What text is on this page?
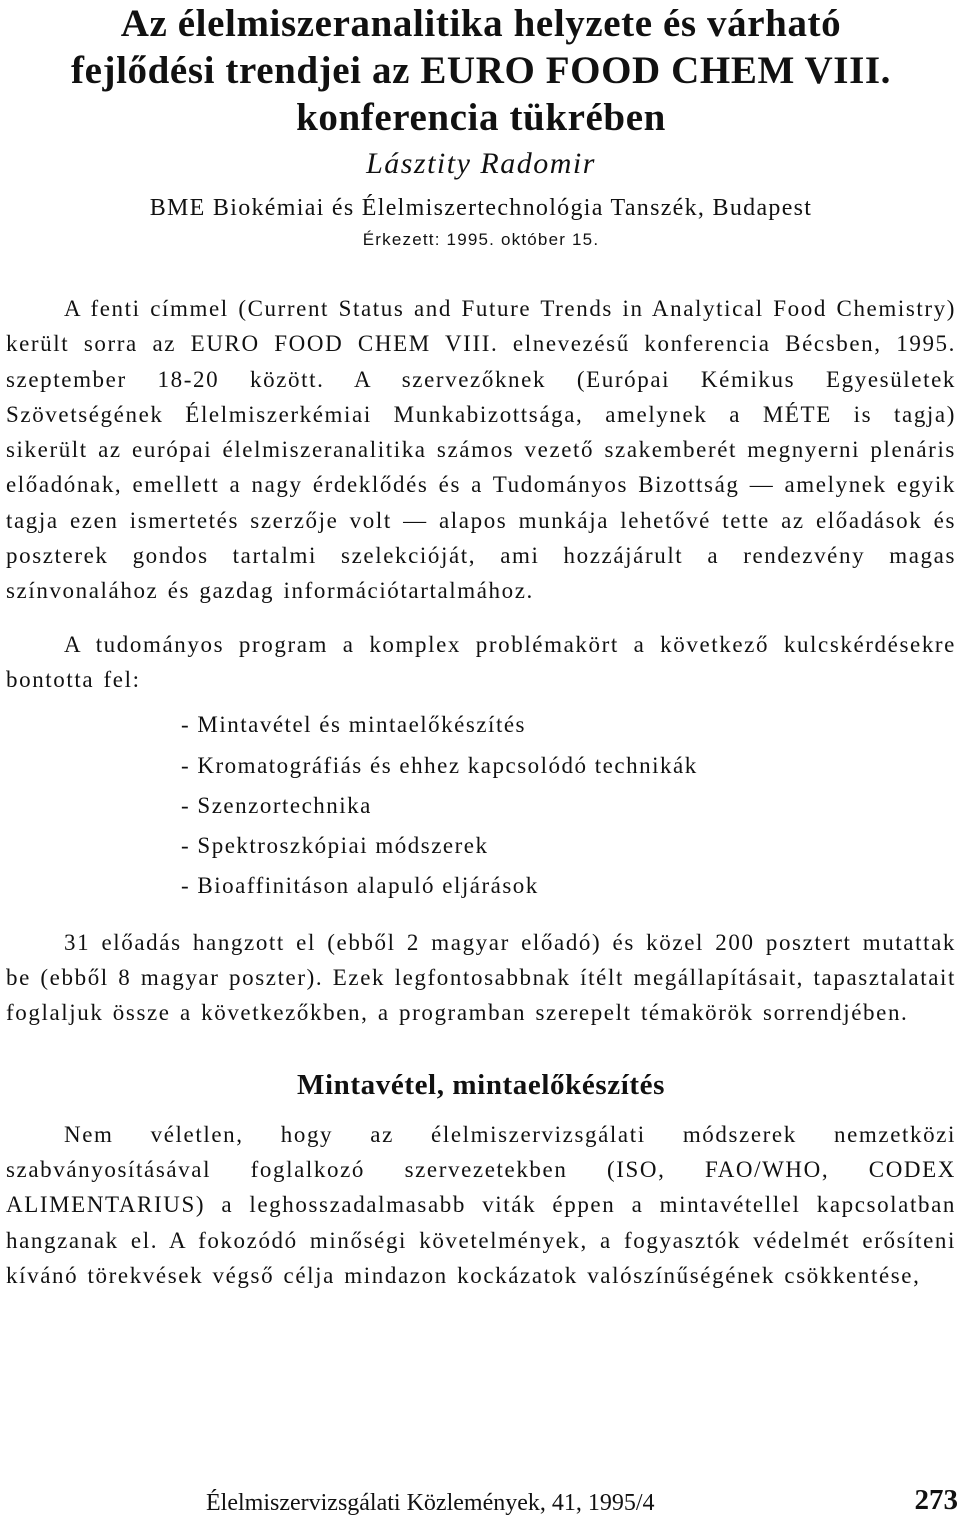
Az élelmiszeranalitika helyzete és várható
fejlődési trendjei az EURO FOOD CHEM VIII.
konferencia tükrében

Lásztity Radomir

BME Biokémiai és Élelmiszertechnológia Tanszék, Budapest

Érkezett: 1995. október 15.

A fenti címmel (Current Status and Future Trends in Analytical Food Chemistry) került sorra az EURO FOOD CHEM VIII. elnevezésű konferencia Bécsben, 1995. szeptember 18-20 között. A szervezőknek (Európai Kémikus Egyesületek Szövetségének Élelmiszerkémiai Munkabizottsága, amelynek a MÉTE is tagja) sikerült az európai élelmiszeranalitika számos vezető szakemberét megnyerni plenáris előadónak, emellett a nagy érdeklődés és a Tudományos Bizottság — amelynek egyik tagja ezen ismertetés szerzője volt — alapos munkája lehetővé tette az előadások és poszterek gondos tartalmi szelekcióját, ami hozzájárult a rendezvény magas színvonalához és gazdag információtartalmához.

A tudományos program a komplex problémakört a következő kulcskérdésekre bontotta fel:

- Mintavétel és mintaelőkészítés
- Kromatográfiás és ehhez kapcsolódó technikák
- Szenzortechnika
- Spektroszkópiai módszerek
- Bioaffinitáson alapuló eljárások

31 előadás hangzott el (ebből 2 magyar előadó) és közel 200 posztert mutattak be (ebből 8 magyar poszter). Ezek legfontosabbnak ítélt megállapításait, tapasztalatait foglaljuk össze a következőkben, a programban szerepelt témakörök sorrendjében.

Mintavétel, mintaelőkészítés

Nem véletlen, hogy az élelmiszervizsgálati módszerek nemzetközi szabványosításával foglalkozó szervezetekben (ISO, FAO/WHO, CODEX ALIMENTARIUS) a leghosszadalmasabb viták éppen a mintavétellel kapcsolatban hangzanak el. A fokozódó minőségi követelmények, a fogyasztók védelmét erősíteni kívánó törekvések végső célja mindazon kockázatok valószínűségének csökkentése,

Élelmiszervizsgálati Közlemények, 41, 1995/4	273
